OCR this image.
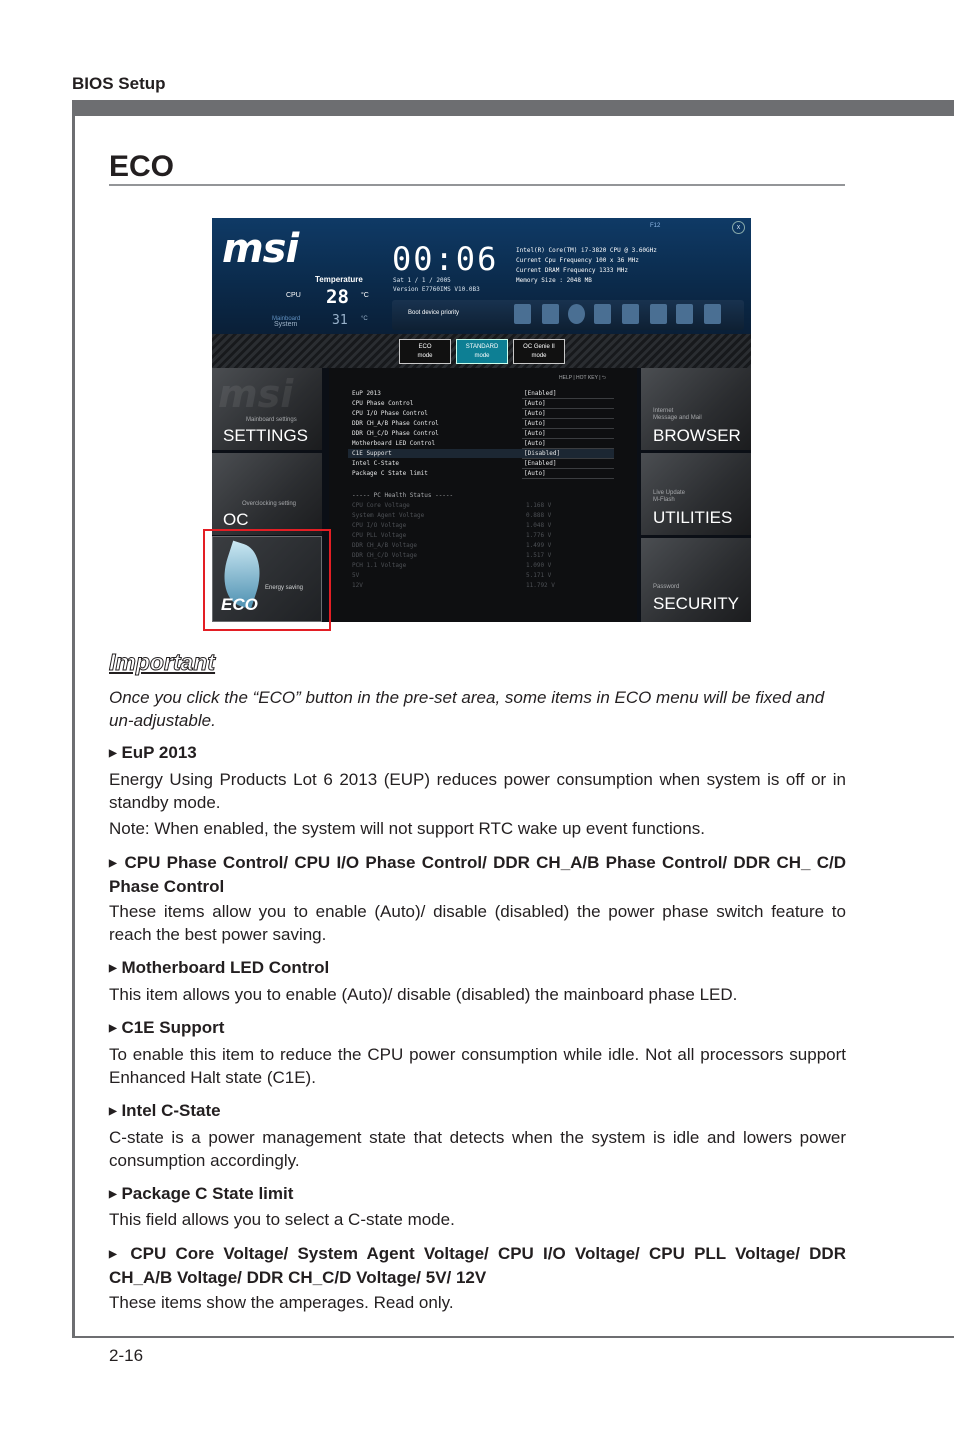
BIOS Setup
ECO
msi
Temperature
CPU 28 °C
Mainboard
System	31 °C
00:06
Sat 1 / 1 / 2005
Version E7760IMS V10.0B3
Intel(R) Core(TM) i7-3820 CPU @ 3.60GHz
Current Cpu Frequency 100 x 36 MHz
Current DRAM Frequency 1333 MHz
Memory Size : 2048 MB
F12	x
Boot device priority
ECO
mode
STANDARD
mode
OC Genie II
mode
msi
Mainboard settings
SETTINGS
Overclocking setting
OC
Energy saving
ECO
Internet
Message and Mail
BROWSER
Live Update
M-Flash
UTILITIES
Password
SECURITY
HELP | HOT KEY | ⮌
EuP 2013	[Enabled]
CPU Phase Control	[Auto]
CPU I/O Phase Control	[Auto]
DDR CH_A/B Phase Control	[Auto]
DDR CH_C/D Phase Control	[Auto]
Motherboard LED Control	[Auto]
C1E Support	[Disabled]
Intel C-State	[Enabled]
Package C State limit	[Auto]
----- PC Health Status -----
CPU Core Voltage	1.168 V
System Agent Voltage	0.888 V
CPU I/O Voltage	1.048 V
CPU PLL Voltage	1.776 V
DDR CH_A/B Voltage	1.499 V
DDR CH_C/D Voltage	1.517 V
PCH 1.1 Voltage	1.090 V
5V	5.171 V
12V	11.792 V
Important
Once you click the “ECO” button in the pre-set area, some items in ECO menu will be fixed and un-adjustable.
▶ EuP 2013
Energy Using Products Lot 6 2013 (EUP) reduces power consumption when system is off or in standby mode.
Note: When enabled, the system will not support RTC wake up event functions.
▶ CPU Phase Control/ CPU I/O Phase Control/ DDR CH_A/B Phase Control/ DDR CH_ C/D Phase Control
These items allow you to enable (Auto)/ disable (disabled) the power phase switch feature to reach the best power saving.
▶ Motherboard LED Control
This item allows you to enable (Auto)/ disable (disabled) the mainboard phase LED.
▶ C1E Support
To enable this item to reduce the CPU power consumption while idle. Not all processors support Enhanced Halt state (C1E).
▶ Intel C-State
C-state is a power management state that detects when the system is idle and lowers power consumption accordingly.
▶ Package C State limit
This field allows you to select a C-state mode.
▶ CPU Core Voltage/ System Agent Voltage/ CPU I/O Voltage/ CPU PLL Voltage/ DDR CH_A/B Voltage/ DDR CH_C/D Voltage/ 5V/ 12V
These items show the amperages. Read only.
2-16
